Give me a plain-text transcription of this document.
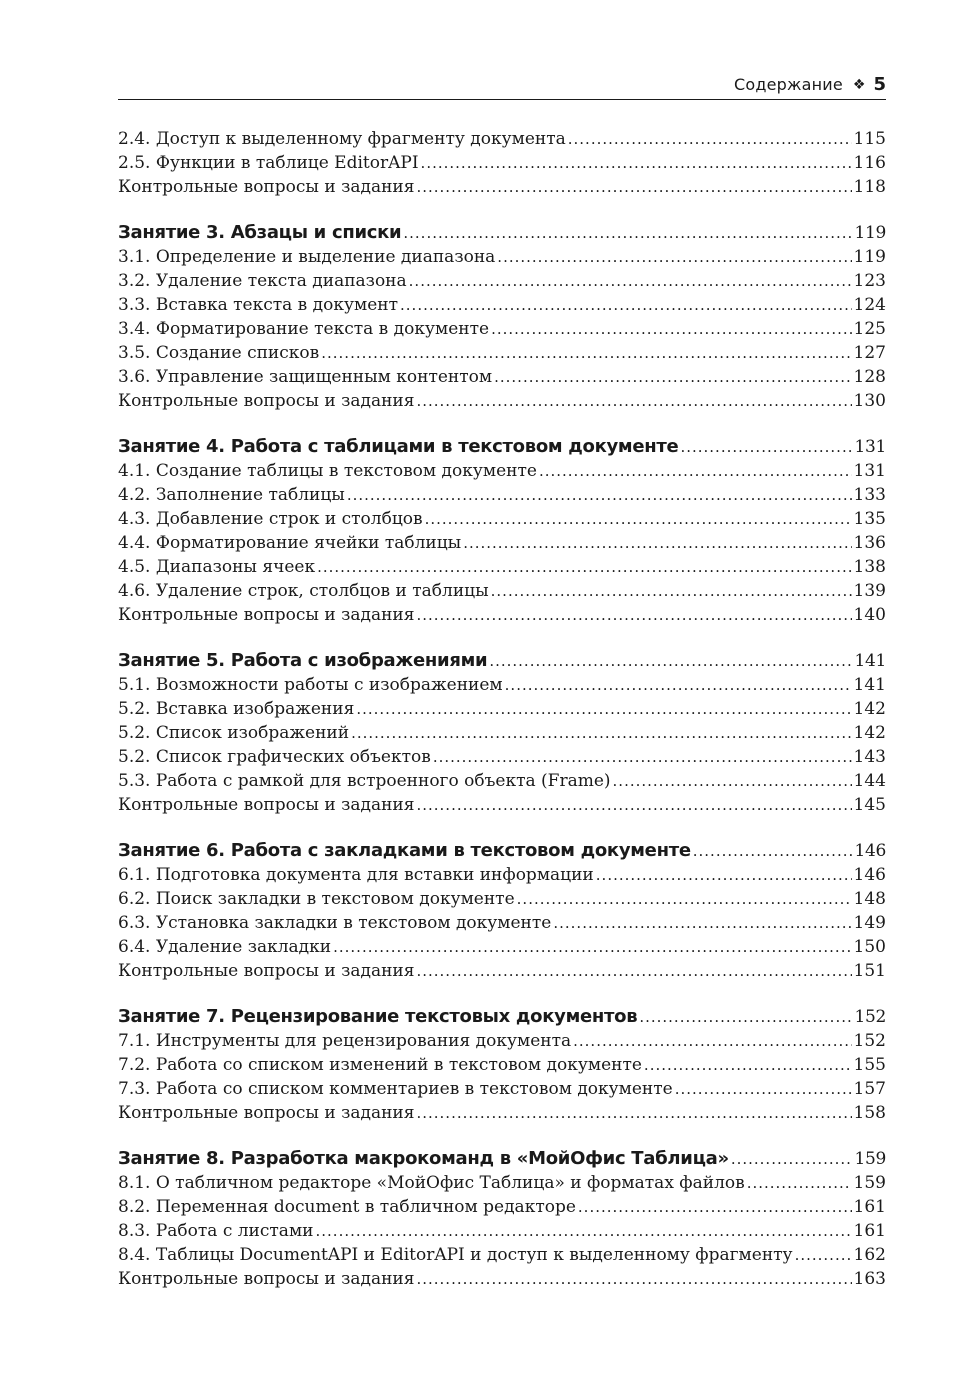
Содержание ❖ 5
2.4. Доступ к выделенному фрагменту документа .....	115
2.5. Функции в таблице EditorAPI .....	116
Контрольные вопросы и задания .....	118
Занятие 3. Абзацы и списки .....	119
3.1. Определение и выделение диапазона .....	119
3.2. Удаление текста диапазона .....	123
3.3. Вставка текста в документ .....	124
3.4. Форматирование текста в документе .....	125
3.5. Создание списков .....	127
3.6. Управление защищенным контентом .....	128
Контрольные вопросы и задания .....	130
Занятие 4. Работа с таблицами в текстовом документе .....	131
4.1. Создание таблицы в текстовом документе .....	131
4.2. Заполнение таблицы .....	133
4.3. Добавление строк и столбцов .....	135
4.4. Форматирование ячейки таблицы .....	136
4.5. Диапазоны ячеек .....	138
4.6. Удаление строк, столбцов и таблицы .....	139
Контрольные вопросы и задания .....	140
Занятие 5. Работа с изображениями .....	141
5.1. Возможности работы с изображением .....	141
5.2. Вставка изображения .....	142
5.2. Список изображений .....	142
5.2. Список графических объектов .....	143
5.3. Работа с рамкой для встроенного объекта (Frame) .....	144
Контрольные вопросы и задания .....	145
Занятие 6. Работа с закладками в текстовом документе .....	146
6.1. Подготовка документа для вставки информации .....	146
6.2. Поиск закладки в текстовом документе .....	148
6.3. Установка закладки в текстовом документе .....	149
6.4. Удаление закладки .....	150
Контрольные вопросы и задания .....	151
Занятие 7. Рецензирование текстовых документов .....	152
7.1. Инструменты для рецензирования документа .....	152
7.2. Работа со списком изменений в текстовом документе .....	155
7.3. Работа со списком комментариев в текстовом документе .....	157
Контрольные вопросы и задания .....	158
Занятие 8. Разработка макрокоманд в «МойОфис Таблица» .....	159
8.1. О табличном редакторе «МойОфис Таблица» и форматах файлов .....	159
8.2. Переменная document в табличном редакторе .....	161
8.3. Работа с листами .....	161
8.4. Таблицы DocumentAPI и EditorAPI и доступ к выделенному фрагменту .....	162
Контрольные вопросы и задания .....	163
